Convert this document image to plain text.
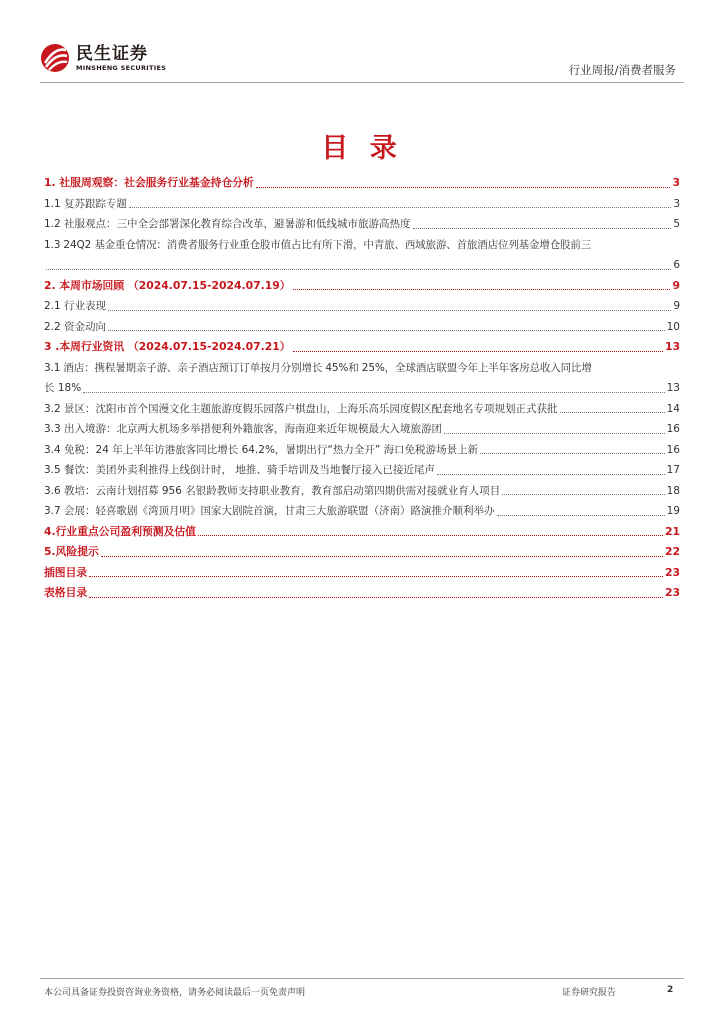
民生证券
MINSHENG SECURITIES	行业周报/消费者服务
目 录
1. 社服周观察：社会服务行业基金持仓分析	3
1.1 复苏跟踪专题	3
1.2 社服观点：三中全会部署深化教育综合改革，避暑游和低线城市旅游高热度	5
1.3 24Q2 基金重仓情况：消费者服务行业重仓股市值占比有所下滑，中青旅、西域旅游、首旅酒店位列基金增仓股前三
6
2. 本周市场回顾 （2024.07.15-2024.07.19）	9
2.1 行业表现	9
2.2 资金动向	10
3 .本周行业资讯 （2024.07.15-2024.07.21）	13
3.1 酒店：携程暑期亲子游、亲子酒店预订订单按月分别增长 45%和 25%，全球酒店联盟今年上半年客房总收入同比增
长 18%	13
3.2 景区：沈阳市首个国漫文化主题旅游度假乐园落户棋盘山，上海乐高乐园度假区配套地名专项规划正式获批	14
3.3 出入境游：北京两大机场多举措便利外籍旅客，海南迎来近年规模最大入境旅游团	16
3.4 免税：24 年上半年访港旅客同比增长 64.2%，暑期出行“热力全开” 海口免税游场景上新	16
3.5 餐饮：美团外卖利推得上线倒计时， 地推、骑手培训及当地餐厅接入已接近尾声	17
3.6 教培：云南计划招募 956 名银龄教师支持职业教育，教育部启动第四期供需对接就业育人项目	18
3.7 会展：轻喜歌剧《湾顶月明》国家大剧院首演，甘肃三大旅游联盟（济南）路演推介顺利举办	19
4.行业重点公司盈利预测及估值	21
5.风险提示	22
插图目录	23
表格目录	23
本公司具备证券投资咨询业务资格，请务必阅读最后一页免责声明	证券研究报告	2
